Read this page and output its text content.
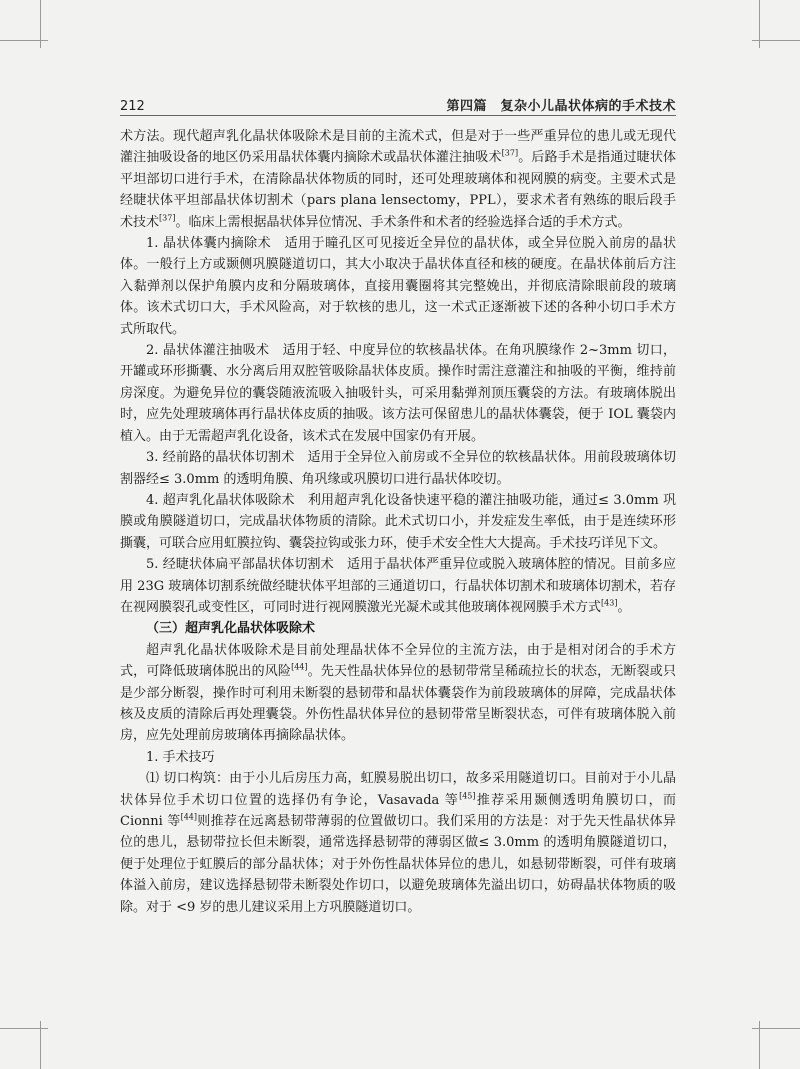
212	第四篇　复杂小儿晶状体病的手术技术

术方法。现代超声乳化晶状体吸除术是目前的主流术式，但是对于一些严重异位的患儿或无现代灌注抽吸设备的地区仍采用晶状体囊内摘除术或晶状体灌注抽吸术[37]。后路手术是指通过睫状体平坦部切口进行手术，在清除晶状体物质的同时，还可处理玻璃体和视网膜的病变。主要术式是经睫状体平坦部晶状体切割术（pars plana lensectomy，PPL），要求术者有熟练的眼后段手术技术[37]。临床上需根据晶状体异位情况、手术条件和术者的经验选择合适的手术方式。

1. 晶状体囊内摘除术　适用于瞳孔区可见接近全异位的晶状体，或全异位脱入前房的晶状体。一般行上方或颞侧巩膜隧道切口，其大小取决于晶状体直径和核的硬度。在晶状体前后方注入黏弹剂以保护角膜内皮和分隔玻璃体，直接用囊圈将其完整娩出，并彻底清除眼前段的玻璃体。该术式切口大，手术风险高，对于软核的患儿，这一术式正逐渐被下述的各种小切口手术方式所取代。

2. 晶状体灌注抽吸术　适用于轻、中度异位的软核晶状体。在角巩膜缘作 2~3mm 切口，开罐或环形撕囊、水分离后用双腔管吸除晶状体皮质。操作时需注意灌注和抽吸的平衡，维持前房深度。为避免异位的囊袋随液流吸入抽吸针头，可采用黏弹剂顶压囊袋的方法。有玻璃体脱出时，应先处理玻璃体再行晶状体皮质的抽吸。该方法可保留患儿的晶状体囊袋，便于 IOL 囊袋内植入。由于无需超声乳化设备，该术式在发展中国家仍有开展。

3. 经前路的晶状体切割术　适用于全异位入前房或不全异位的软核晶状体。用前段玻璃体切割器经≤ 3.0mm 的透明角膜、角巩缘或巩膜切口进行晶状体咬切。

4. 超声乳化晶状体吸除术　利用超声乳化设备快速平稳的灌注抽吸功能，通过≤ 3.0mm 巩膜或角膜隧道切口，完成晶状体物质的清除。此术式切口小，并发症发生率低，由于是连续环形撕囊，可联合应用虹膜拉钩、囊袋拉钩或张力环，使手术安全性大大提高。手术技巧详见下文。

5. 经睫状体扁平部晶状体切割术　适用于晶状体严重异位或脱入玻璃体腔的情况。目前多应用 23G 玻璃体切割系统做经睫状体平坦部的三通道切口，行晶状体切割术和玻璃体切割术，若存在视网膜裂孔或变性区，可同时进行视网膜激光光凝术或其他玻璃体视网膜手术方式[43]。

（三）超声乳化晶状体吸除术

超声乳化晶状体吸除术是目前处理晶状体不全异位的主流方法，由于是相对闭合的手术方式，可降低玻璃体脱出的风险[44]。先天性晶状体异位的悬韧带常呈稀疏拉长的状态，无断裂或只是少部分断裂，操作时可利用未断裂的悬韧带和晶状体囊袋作为前段玻璃体的屏障，完成晶状体核及皮质的清除后再处理囊袋。外伤性晶状体异位的悬韧带常呈断裂状态，可伴有玻璃体脱入前房，应先处理前房玻璃体再摘除晶状体。

1. 手术技巧

⑴ 切口构筑：由于小儿后房压力高，虹膜易脱出切口，故多采用隧道切口。目前对于小儿晶状体异位手术切口位置的选择仍有争论，Vasavada 等[45]推荐采用颞侧透明角膜切口，而 Cionni 等[44]则推荐在远离悬韧带薄弱的位置做切口。我们采用的方法是：对于先天性晶状体异位的患儿，悬韧带拉长但未断裂，通常选择悬韧带的薄弱区做≤ 3.0mm 的透明角膜隧道切口，便于处理位于虹膜后的部分晶状体；对于外伤性晶状体异位的患儿，如悬韧带断裂，可伴有玻璃体溢入前房，建议选择悬韧带未断裂处作切口，以避免玻璃体先溢出切口，妨碍晶状体物质的吸除。对于 <9 岁的患儿建议采用上方巩膜隧道切口。
